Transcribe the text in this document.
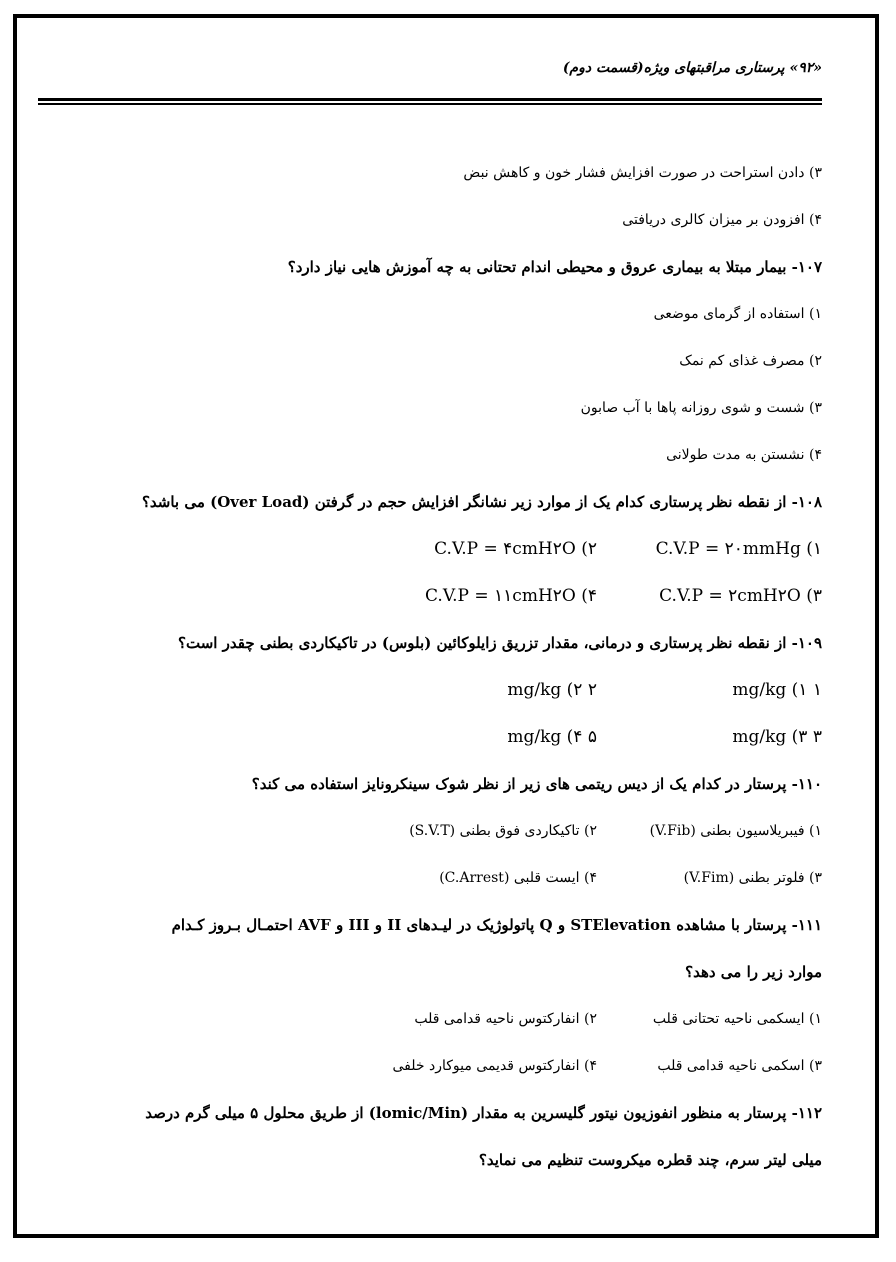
«۹۲» پرستاری مراقبتهای ویژه(قسمت دوم)
۳) دادن استراحت در صورت افزایش فشار خون و کاهش نبض
۴) افزودن بر میزان کالری دریافتی
۱۰۷- بیمار مبتلا به بیماری عروق و محیطی اندام تحتانی به چه آموزش هایی نیاز دارد؟
۱) استفاده از گرمای موضعی
۲) مصرف غذای کم نمک
۳) شست و شوی روزانه پاها با آب صابون
۴) نشستن به مدت طولانی
۱۰۸- از نقطه نظر پرستاری کدام یک از موارد زیر نشانگر افزایش حجم در گرفتن (Over Load) می باشد؟
C.V.P = ۲۰mmHg (۱
C.V.P = ۴cmH۲O (۲
C.V.P = ۲cmH۲O (۳
C.V.P = ۱۱cmH۲O (۴
۱۰۹- از نقطه نظر پرستاری و درمانی، مقدار تزریق زایلوکائین (بلوس) در تاکیکاردی بطنی چقدر است؟
۱ mg/kg (۱
۲ mg/kg (۲
۳ mg/kg (۳
۵ mg/kg (۴
۱۱۰- پرستار در کدام یک از دیس ریتمی های زیر از نظر شوک سینکرونایز استفاده می کند؟
۱) فیبریلاسیون بطنی (V.Fib)
۲) تاکیکاردی فوق بطنی (S.V.T)
۳) فلوتر بطنی (V.Fim)
۴) ایست قلبی (C.Arrest)
۱۱۱- پرستار با مشاهده STElevation و Q پاتولوژیک در لیـدهای II و III و AVF احتمـال بـروز کـدام
موارد زیر را می دهد؟
۱) ایسکمی ناحیه تحتانی قلب
۲) انفارکتوس ناحیه قدامی قلب
۳) اسکمی ناحیه قدامی قلب
۴) انفارکتوس قدیمی میوکارد خلفی
۱۱۲- پرستار به منظور انفوزیون نیتور گلیسرین به مقدار (lomic/Min) از طریق محلول ۵ میلی گرم درصد
میلی لیتر سرم، چند قطره میکروست تنظیم می نماید؟
